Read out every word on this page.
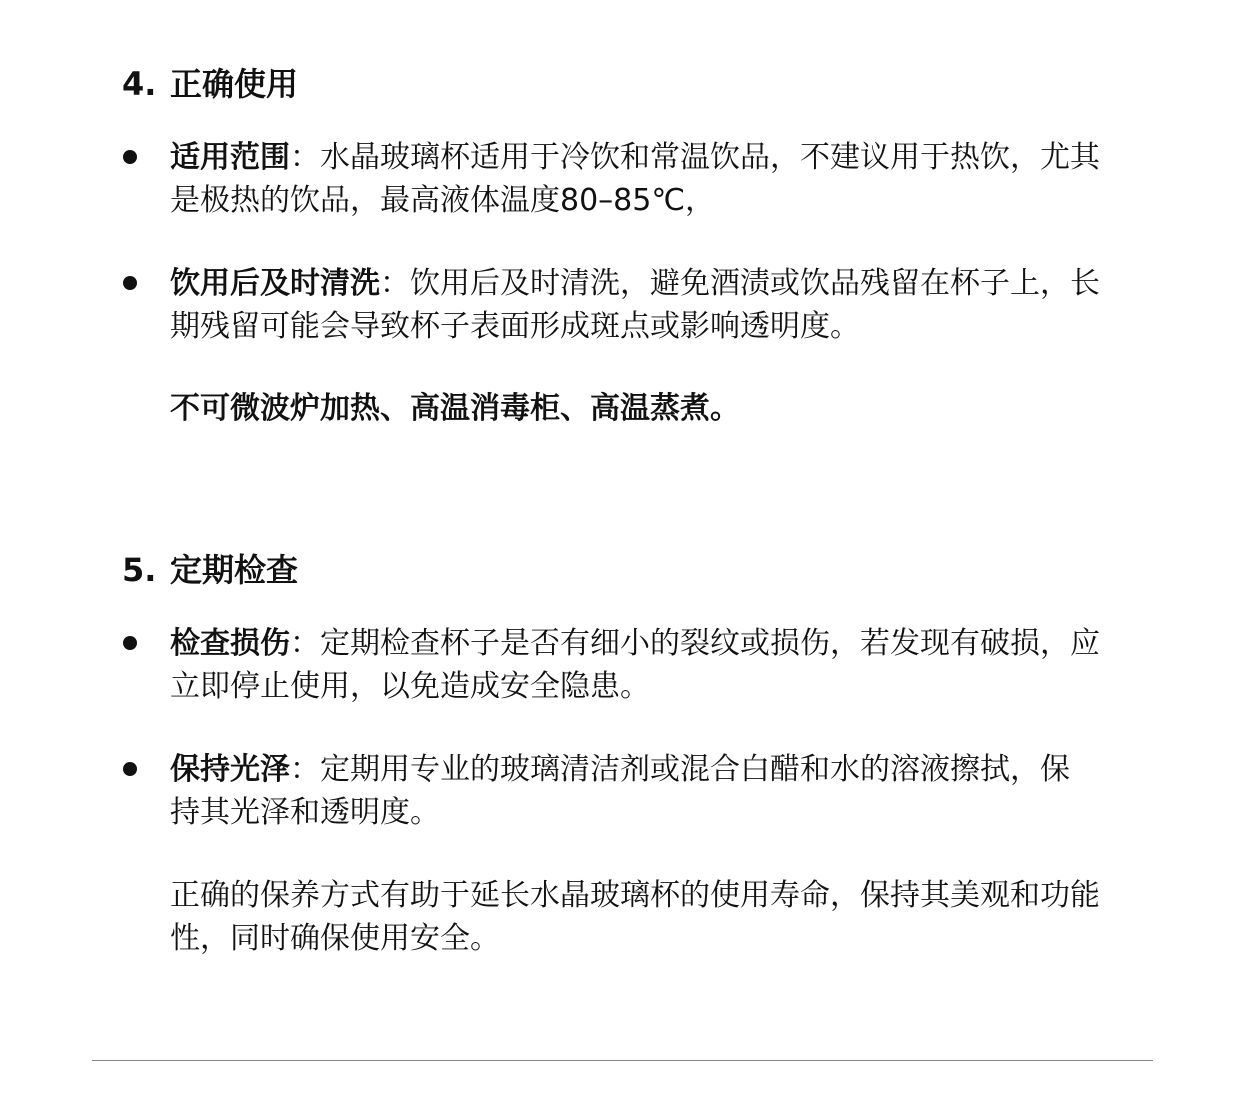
4. 正确使用
适用范围：水晶玻璃杯适用于冷饮和常温饮品，不建议用于热饮，尤其是极热的饮品，最高液体温度80–85℃，
饮用后及时清洗：饮用后及时清洗，避免酒渍或饮品残留在杯子上，长期残留可能会导致杯子表面形成斑点或影响透明度。
不可微波炉加热、高温消毒柜、高温蒸煮。
5. 定期检查
检查损伤：定期检查杯子是否有细小的裂纹或损伤，若发现有破损，应立即停止使用，以免造成安全隐患。
保持光泽：定期用专业的玻璃清洁剂或混合白醋和水的溶液擦拭，保持其光泽和透明度。
正确的保养方式有助于延长水晶玻璃杯的使用寿命，保持其美观和功能性，同时确保使用安全。
